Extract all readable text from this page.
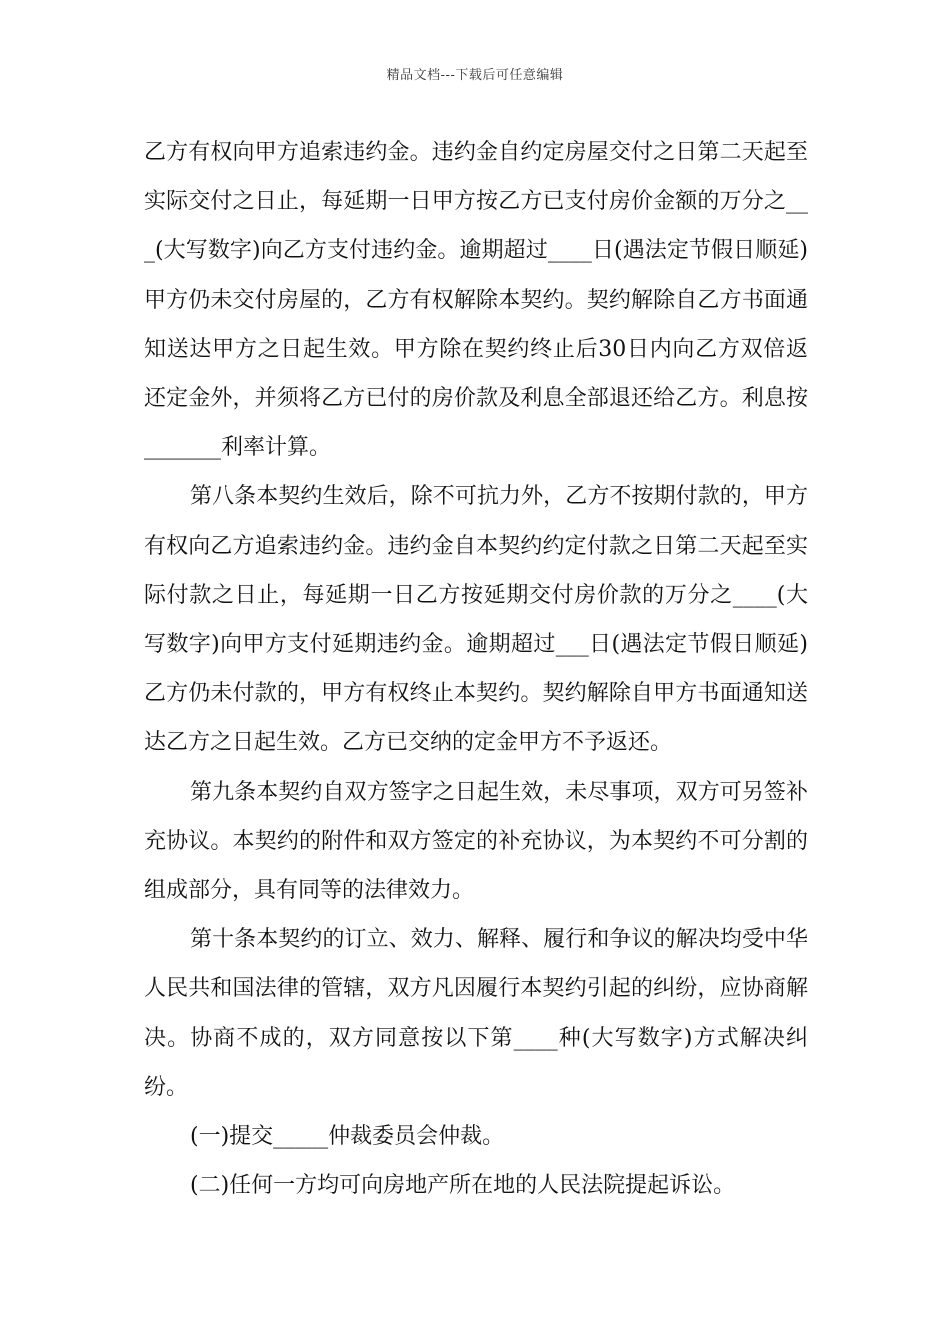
精品文档---下载后可任意编辑

乙方有权向甲方追索违约金。违约金自约定房屋交付之日第二天起至实际交付之日止，每延期一日甲方按乙方已支付房价金额的万分之___(大写数字)向乙方支付违约金。逾期超过____日(遇法定节假日顺延)甲方仍未交付房屋的，乙方有权解除本契约。契约解除自乙方书面通知送达甲方之日起生效。甲方除在契约终止后30日内向乙方双倍返还定金外，并须将乙方已付的房价款及利息全部退还给乙方。利息按_______利率计算。

第八条本契约生效后，除不可抗力外，乙方不按期付款的，甲方有权向乙方追索违约金。违约金自本契约约定付款之日第二天起至实际付款之日止，每延期一日乙方按延期交付房价款的万分之____(大写数字)向甲方支付延期违约金。逾期超过___日(遇法定节假日顺延)乙方仍未付款的，甲方有权终止本契约。契约解除自甲方书面通知送达乙方之日起生效。乙方已交纳的定金甲方不予返还。

第九条本契约自双方签字之日起生效，未尽事项，双方可另签补充协议。本契约的附件和双方签定的补充协议，为本契约不可分割的组成部分，具有同等的法律效力。

第十条本契约的订立、效力、解释、履行和争议的解决均受中华人民共和国法律的管辖，双方凡因履行本契约引起的纠纷，应协商解决。协商不成的，双方同意按以下第____种(大写数字)方式解决纠纷。

(一)提交_____仲裁委员会仲裁。

(二)任何一方均可向房地产所在地的人民法院提起诉讼。
